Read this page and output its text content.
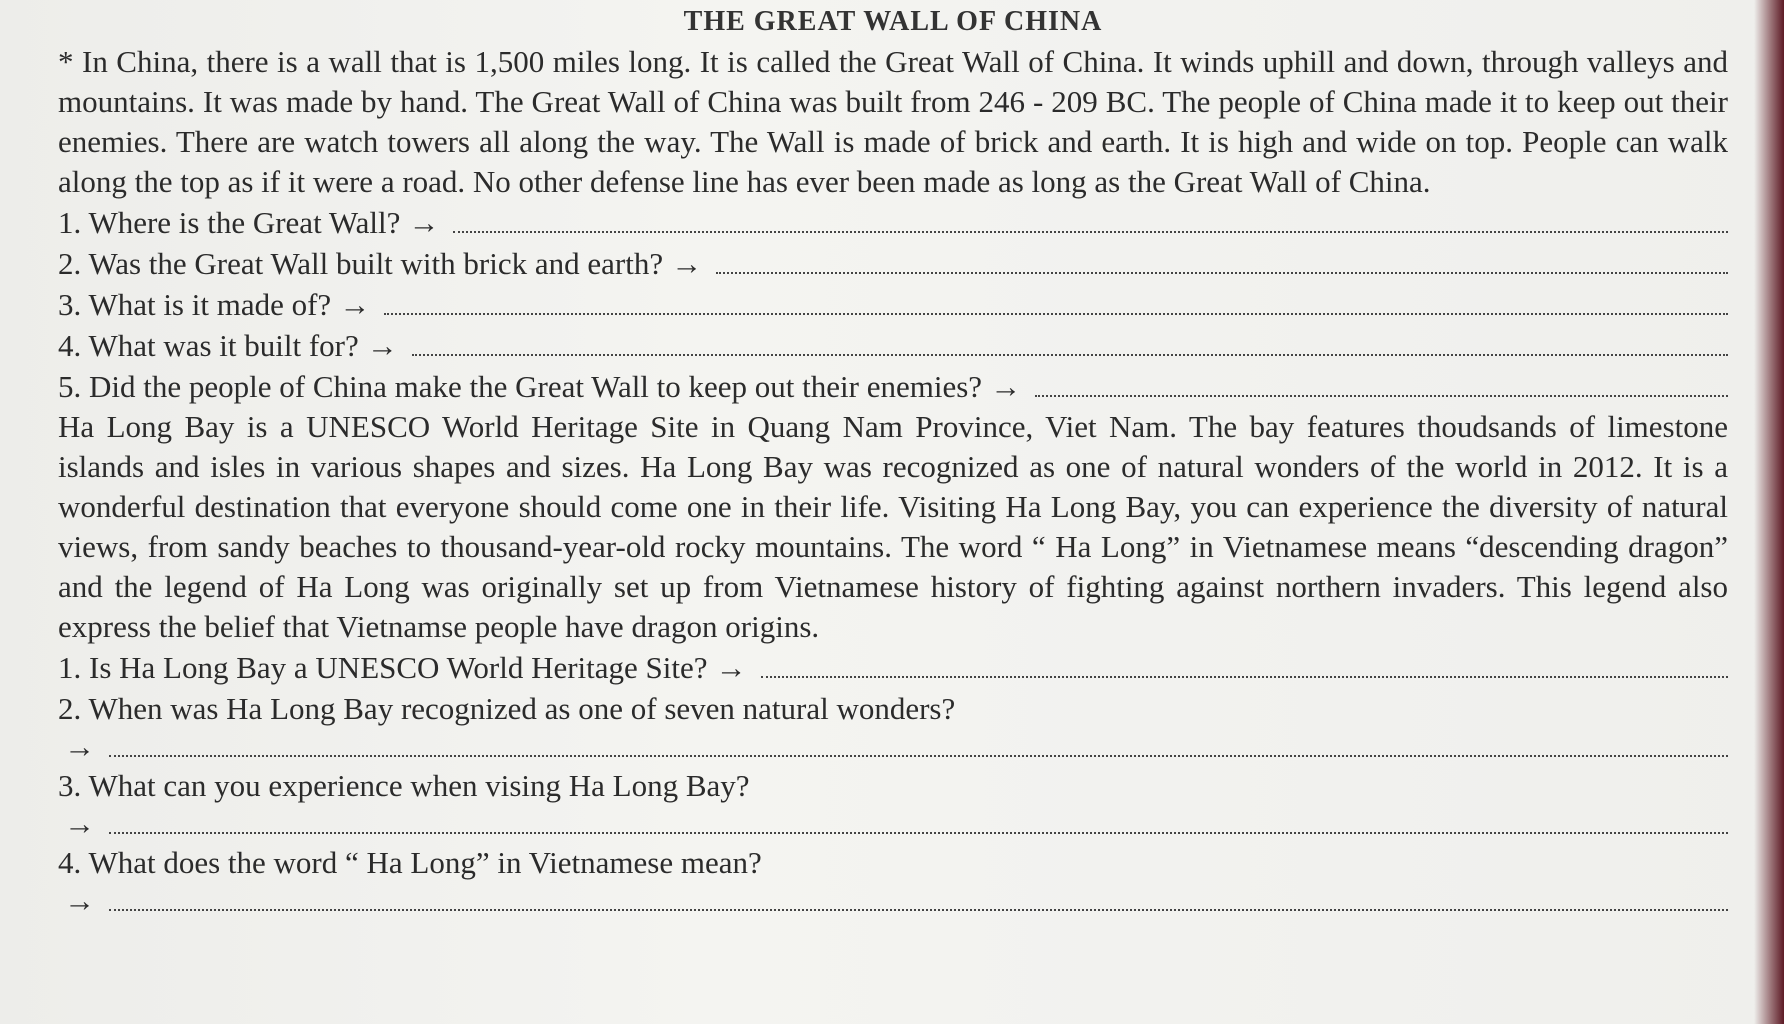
THE GREAT WALL OF CHINA

* In China, there is a wall that is 1,500 miles long. It is called the Great Wall of China. It winds uphill and down, through valleys and mountains. It was made by hand. The Great Wall of China was built from 246 - 209 BC. The people of China made it to keep out their enemies. There are watch towers all along the way. The Wall is made of brick and earth. It is high and wide on top. People can walk along the top as if it were a road. No other defense line has ever been made as long as the Great Wall of China.

1. Where is the Great Wall? →
2. Was the Great Wall built with brick and earth? →
3. What is it made of? →
4. What was it built for? →
5. Did the people of China make the Great Wall to keep out their enemies? →

Ha Long Bay is a UNESCO World Heritage Site in Quang Nam Province, Viet Nam. The bay features thoudsands of limestone islands and isles in various shapes and sizes. Ha Long Bay was recognized as one of natural wonders of the world in 2012. It is a wonderful destination that everyone should come one in their life. Visiting Ha Long Bay, you can experience the diversity of natural views, from sandy beaches to thousand-year-old rocky mountains. The word “ Ha Long” in Vietnamese means “descending dragon” and the legend of Ha Long was originally set up from Vietnamese history of fighting against northern invaders. This legend also express the belief that Vietnamse people have dragon origins.

1. Is Ha Long Bay a UNESCO World Heritage Site? →
2. When was Ha Long Bay recognized as one of seven natural wonders?
→
3. What can you experience when vising Ha Long Bay?
→
4. What does the word “ Ha Long” in Vietnamese mean?
→
